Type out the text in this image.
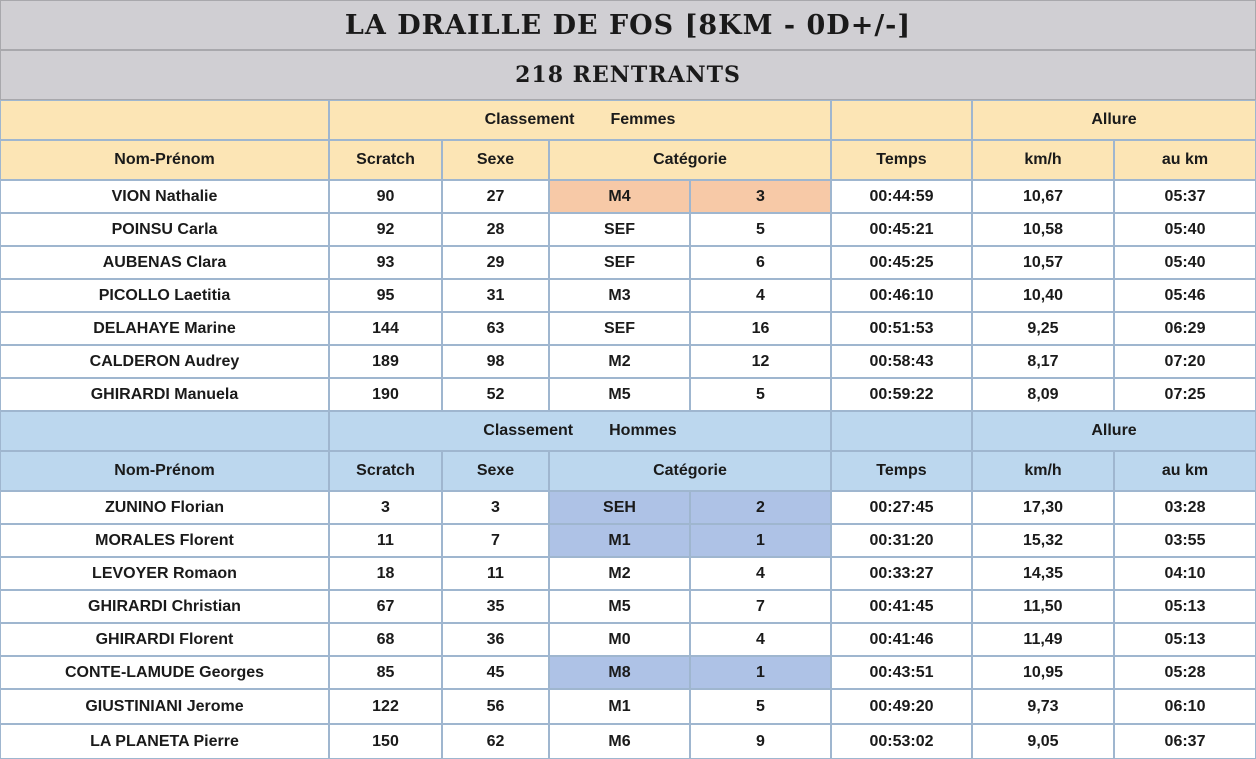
LA DRAILLE DE FOS [8KM - 0D+/-]							
218 RENTRANTS							
	Classement Femmes					Allure	
Nom-Prénom	Scratch	Sexe	Catégorie		Temps	km/h	au km
VION Nathalie	90	27	M4	3	00:44:59	10,67	05:37
POINSU Carla	92	28	SEF	5	00:45:21	10,58	05:40
AUBENAS Clara	93	29	SEF	6	00:45:25	10,57	05:40
PICOLLO Laetitia	95	31	M3	4	00:46:10	10,40	05:46
DELAHAYE Marine	144	63	SEF	16	00:51:53	9,25	06:29
CALDERON Audrey	189	98	M2	12	00:58:43	8,17	07:20
GHIRARDI Manuela	190	52	M5	5	00:59:22	8,09	07:25
	Classement Hommes					Allure	
Nom-Prénom	Scratch	Sexe	Catégorie		Temps	km/h	au km
ZUNINO Florian	3	3	SEH	2	00:27:45	17,30	03:28
MORALES Florent	11	7	M1	1	00:31:20	15,32	03:55
LEVOYER Romaon	18	11	M2	4	00:33:27	14,35	04:10
GHIRARDI Christian	67	35	M5	7	00:41:45	11,50	05:13
GHIRARDI Florent	68	36	M0	4	00:41:46	11,49	05:13
CONTE-LAMUDE Georges	85	45	M8	1	00:43:51	10,95	05:28
GIUSTINIANI Jerome	122	56	M1	5	00:49:20	9,73	06:10
LA PLANETA Pierre	150	62	M6	9	00:53:02	9,05	06:37
